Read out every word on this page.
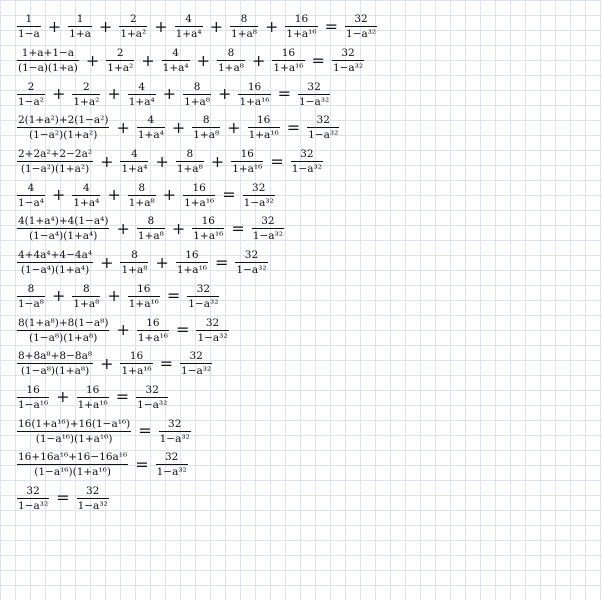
$\frac{1}{1-a} + \frac{1}{1+a} + \frac{2}{\text{1+a²}} + \frac{4}{\text{1+a⁴}} + \frac{8}{\text{1+a⁸}} + \frac{16}{\text{1+a¹⁶}} = \frac{32}{\text{1−a³²}}$
$\frac{1+a+1-a}{(1-a)(1+a)} + \frac{2}{\text{1+a²}} + \frac{4}{\text{1+a⁴}} + \frac{8}{\text{1+a⁸}} + \frac{16}{\text{1+a¹⁶}} = \frac{32}{\text{1−a³²}}$
$\frac{2}{\text{1−a²}} + \frac{2}{\text{1+a²}} + \frac{4}{\text{1+a⁴}} + \frac{8}{\text{1+a⁸}} + \frac{16}{\text{1+a¹⁶}} = \frac{32}{\text{1−a³²}}$
$\frac{\text{2(1+a²)+2(1−a²)}}{\text{(1−a²)(1+a²)}} + \frac{4}{\text{1+a⁴}} + \frac{8}{\text{1+a⁸}} + \frac{16}{\text{1+a¹⁶}} = \frac{32}{\text{1−a³²}}$
$\frac{\text{2+2a²+2−2a²}}{\text{(1−a²)(1+a²)}} + \frac{4}{\text{1+a⁴}} + \frac{8}{\text{1+a⁸}} + \frac{16}{\text{1+a¹⁶}} = \frac{32}{\text{1−a³²}}$
$\frac{4}{\text{1−a⁴}} + \frac{4}{\text{1+a⁴}} + \frac{8}{\text{1+a⁸}} + \frac{16}{\text{1+a¹⁶}} = \frac{32}{\text{1−a³²}}$
$\frac{\text{4(1+a⁴)+4(1−a⁴)}}{\text{(1−a⁴)(1+a⁴)}} + \frac{8}{\text{1+a⁸}} + \frac{16}{\text{1+a¹⁶}} = \frac{32}{\text{1−a³²}}$
$\frac{\text{4+4a⁴+4−4a⁴}}{\text{(1−a⁴)(1+a⁴)}} + \frac{8}{\text{1+a⁸}} + \frac{16}{\text{1+a¹⁶}} = \frac{32}{\text{1−a³²}}$
$\frac{8}{\text{1−a⁸}} + \frac{8}{\text{1+a⁸}} + \frac{16}{\text{1+a¹⁶}} = \frac{32}{\text{1−a³²}}$
$\frac{\text{8(1+a⁸)+8(1−a⁸)}}{\text{(1−a⁸)(1+a⁸)}} + \frac{16}{\text{1+a¹⁶}} = \frac{32}{\text{1−a³²}}$
$\frac{\text{8+8a⁸+8−8a⁸}}{\text{(1−a⁸)(1+a⁸)}} + \frac{16}{\text{1+a¹⁶}} = \frac{32}{\text{1−a³²}}$
$\frac{16}{\text{1−a¹⁶}} + \frac{16}{\text{1+a¹⁶}} = \frac{32}{\text{1−a³²}}$
$\frac{\text{16(1+a¹⁶)+16(1−a¹⁶)}}{\text{(1−a¹⁶)(1+a¹⁶)}} = \frac{32}{\text{1−a³²}}$
$\frac{\text{16+16a¹⁶+16−16a¹⁶}}{\text{(1−a¹⁶)(1+a¹⁶)}} = \frac{32}{\text{1−a³²}}$
$\frac{32}{\text{1−a³²}} = \frac{32}{\text{1−a³²}}$
